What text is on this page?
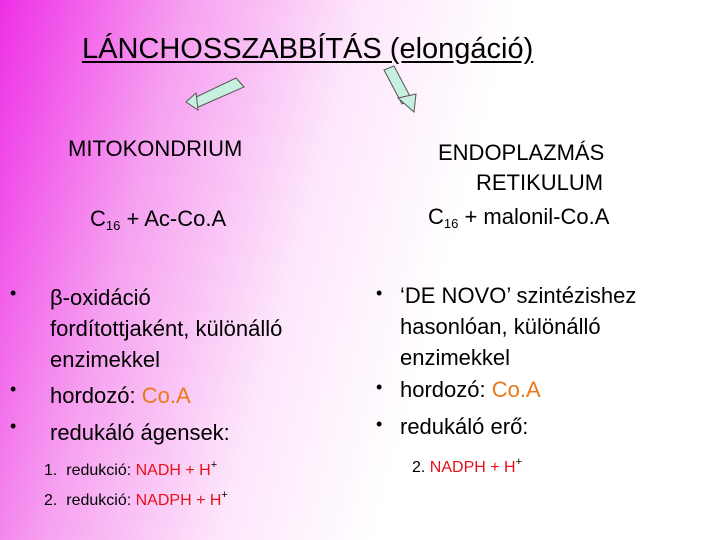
LÁNCHOSSZABBÍTÁS (elongáció)
MITOKONDRIUM
$C_{16} + Ac-Co.A$
• β-oxidáció
fordítottjaként, különálló
enzimekkel
• hordozó: Co.A
• redukáló ágensek:
1. redukció: NADH + H+
2. redukció: NADPH + H+
ENDOPLAZMÁS
RETIKULUM
$C_{16}$ + malonil-Co.A
• ‘DE NOVO’ szintézishez
hasonlóan, különálló
enzimekkel
• hordozó: Co.A
• redukáló erő:
2. NADPH + H+
